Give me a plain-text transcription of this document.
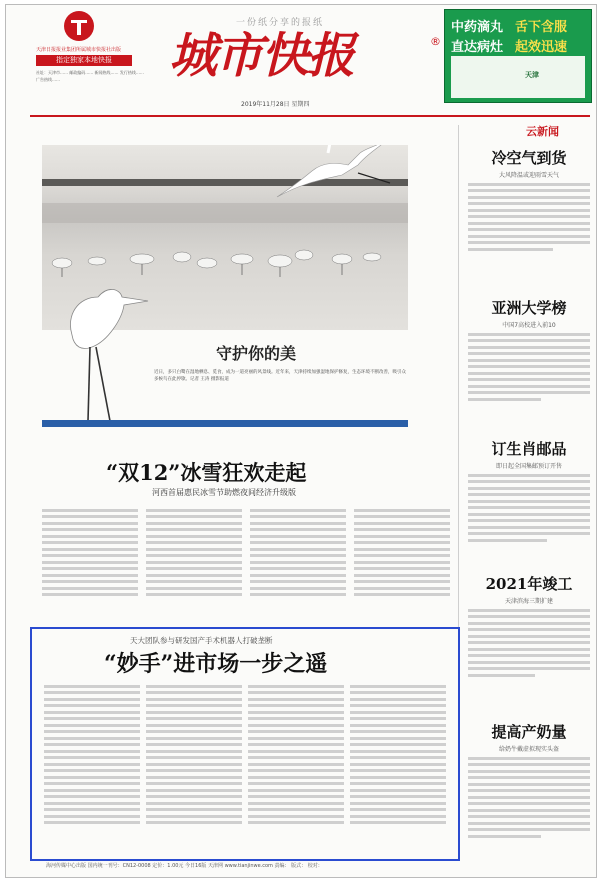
天津日报报业集团所属城市快报社出版
指定独家本地快报
社址：天津市…… 邮政编码…… 新闻热线…… 发行热线…… 广告热线……
一份纸分享的报纸
城市快报	®
2019年11月28日 星期四
中药滴丸 舌下含服
直达病灶 起效迅速
天津
守护你的美
近日，多只白鹭在湿地栖息、觅食，成为一道亮丽的风景线。近年来，天津持续加强湿地保护修复，生态环境不断改善，吸引众多候鸟在此停歇。记者 王涛 摄影报道
云新闻
冷空气到货
大风降温或迎雨雪天气
亚洲大学榜
中国7高校进入前10
订生肖邮品
即日起全国集邮预订开售
2021年竣工
天津滨海三期扩建
提高产奶量
给奶牛戴虚拟现实头盔
“双12”冰雪狂欢走起
河西首届惠民冰雪节助燃夜间经济升级版
天大团队参与研发国产手术机器人打破垄断
“妙手”进市场一步之遥
海河传媒中心出版 国内统一刊号：CN12-0008 定价：1.00元 今日16版 天津网 www.tianjinwe.com 责编： 版式： 校对：
